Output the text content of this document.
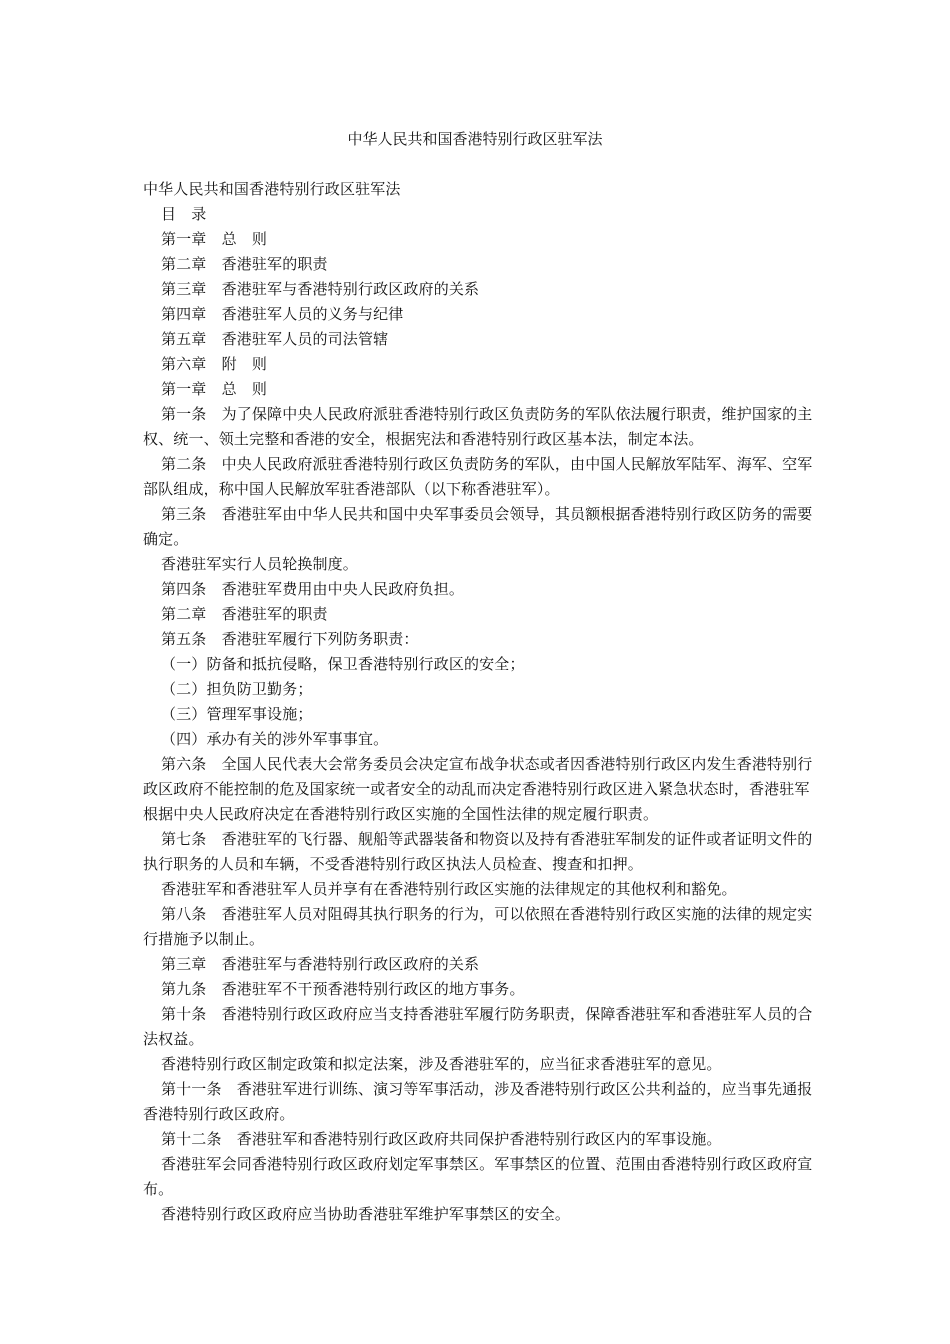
中华人民共和国香港特别行政区驻军法

中华人民共和国香港特别行政区驻军法

目　录

第一章　总　则

第二章　香港驻军的职责

第三章　香港驻军与香港特别行政区政府的关系

第四章　香港驻军人员的义务与纪律

第五章　香港驻军人员的司法管辖

第六章　附　则

第一章　总　则

第一条　为了保障中央人民政府派驻香港特别行政区负责防务的军队依法履行职责，维护国家的主权、统一、领土完整和香港的安全，根据宪法和香港特别行政区基本法，制定本法。

第二条　中央人民政府派驻香港特别行政区负责防务的军队，由中国人民解放军陆军、海军、空军部队组成，称中国人民解放军驻香港部队（以下称香港驻军）。

第三条　香港驻军由中华人民共和国中央军事委员会领导，其员额根据香港特别行政区防务的需要确定。

香港驻军实行人员轮换制度。

第四条　香港驻军费用由中央人民政府负担。

第二章　香港驻军的职责

第五条　香港驻军履行下列防务职责：

（一）防备和抵抗侵略，保卫香港特别行政区的安全；

（二）担负防卫勤务；

（三）管理军事设施；

（四）承办有关的涉外军事事宜。

第六条　全国人民代表大会常务委员会决定宣布战争状态或者因香港特别行政区内发生香港特别行政区政府不能控制的危及国家统一或者安全的动乱而决定香港特别行政区进入紧急状态时，香港驻军根据中央人民政府决定在香港特别行政区实施的全国性法律的规定履行职责。

第七条　香港驻军的飞行器、舰船等武器装备和物资以及持有香港驻军制发的证件或者证明文件的执行职务的人员和车辆，不受香港特别行政区执法人员检查、搜查和扣押。

香港驻军和香港驻军人员并享有在香港特别行政区实施的法律规定的其他权利和豁免。

第八条　香港驻军人员对阻碍其执行职务的行为，可以依照在香港特别行政区实施的法律的规定实行措施予以制止。

第三章　香港驻军与香港特别行政区政府的关系

第九条　香港驻军不干预香港特别行政区的地方事务。

第十条　香港特别行政区政府应当支持香港驻军履行防务职责，保障香港驻军和香港驻军人员的合法权益。

香港特别行政区制定政策和拟定法案，涉及香港驻军的，应当征求香港驻军的意见。

第十一条　香港驻军进行训练、演习等军事活动，涉及香港特别行政区公共利益的，应当事先通报香港特别行政区政府。

第十二条　香港驻军和香港特别行政区政府共同保护香港特别行政区内的军事设施。

香港驻军会同香港特别行政区政府划定军事禁区。军事禁区的位置、范围由香港特别行政区政府宣布。

香港特别行政区政府应当协助香港驻军维护军事禁区的安全。
